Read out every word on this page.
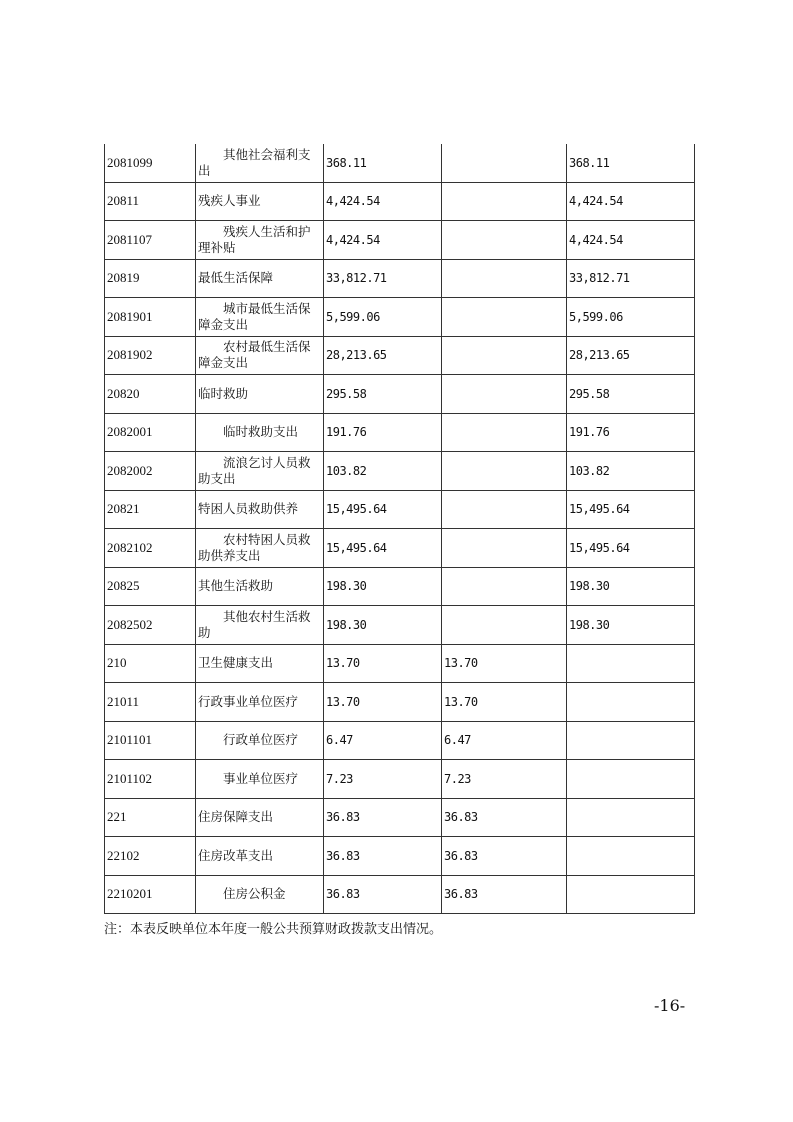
2081099	其他社会福利支出	368.11		368.11
20811	残疾人事业	4,424.54		4,424.54
2081107	残疾人生活和护理补贴	4,424.54		4,424.54
20819	最低生活保障	33,812.71		33,812.71
2081901	城市最低生活保障金支出	5,599.06		5,599.06
2081902	农村最低生活保障金支出	28,213.65		28,213.65
20820	临时救助	295.58		295.58
2082001	临时救助支出	191.76		191.76
2082002	流浪乞讨人员救助支出	103.82		103.82
20821	特困人员救助供养	15,495.64		15,495.64
2082102	农村特困人员救助供养支出	15,495.64		15,495.64
20825	其他生活救助	198.30		198.30
2082502	其他农村生活救助	198.30		198.30
210	卫生健康支出	13.70	13.70	
21011	行政事业单位医疗	13.70	13.70	
2101101	行政单位医疗	6.47	6.47	
2101102	事业单位医疗	7.23	7.23	
221	住房保障支出	36.83	36.83	
22102	住房改革支出	36.83	36.83	
2210201	住房公积金	36.83	36.83	
注：本表反映单位本年度一般公共预算财政拨款支出情况。
-16-
